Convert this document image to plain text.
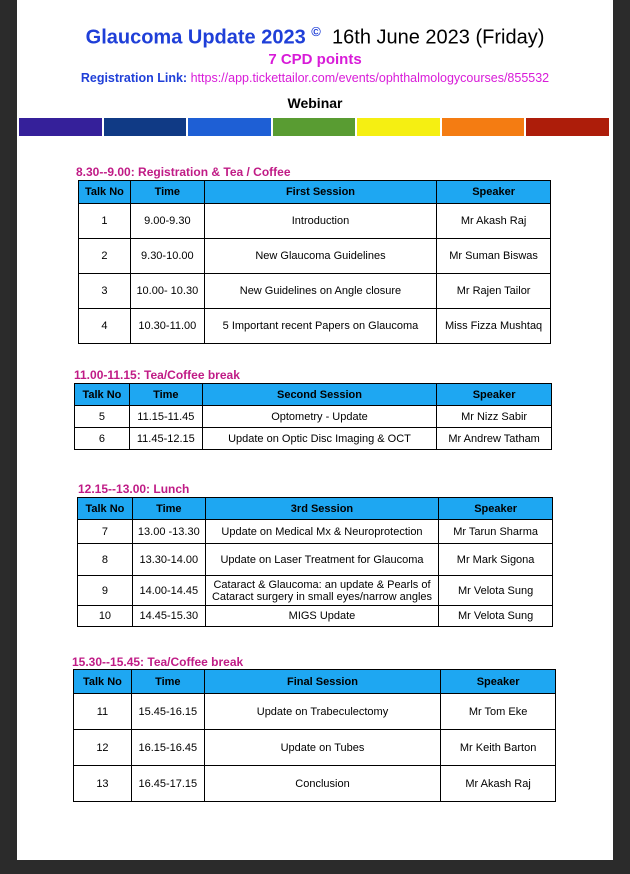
Glaucoma Update 2023 © 16th June 2023 (Friday)
7 CPD points
Registration Link: https://app.tickettailor.com/events/ophthalmologycourses/855532
Webinar
8.30--9.00: Registration & Tea / Coffee
Talk No	Time	First Session	Speaker
1	9.00-9.30	Introduction	Mr Akash Raj
2	9.30-10.00	New Glaucoma Guidelines	Mr Suman Biswas
3	10.00- 10.30	New Guidelines on Angle closure	Mr Rajen Tailor
4	10.30-11.00	5 Important recent Papers on Glaucoma	Miss Fizza Mushtaq
11.00-11.15: Tea/Coffee break
Talk No	Time	Second Session	Speaker
5	11.15-11.45	Optometry - Update	Mr Nizz Sabir
6	11.45-12.15	Update on Optic Disc Imaging & OCT	Mr Andrew Tatham
12.15--13.00: Lunch
Talk No	Time	3rd Session	Speaker
7	13.00 -13.30	Update on Medical Mx & Neuroprotection	Mr Tarun Sharma
8	13.30-14.00	Update on Laser Treatment for Glaucoma	Mr Mark Sigona
9	14.00-14.45	Cataract & Glaucoma: an update & Pearls of Cataract surgery in small eyes/narrow angles	Mr Velota Sung
10	14.45-15.30	MIGS Update	Mr Velota Sung
15.30--15.45: Tea/Coffee break
Talk No	Time	Final Session	Speaker
11	15.45-16.15	Update on Trabeculectomy	Mr Tom Eke
12	16.15-16.45	Update on Tubes	Mr Keith Barton
13	16.45-17.15	Conclusion	Mr Akash Raj
